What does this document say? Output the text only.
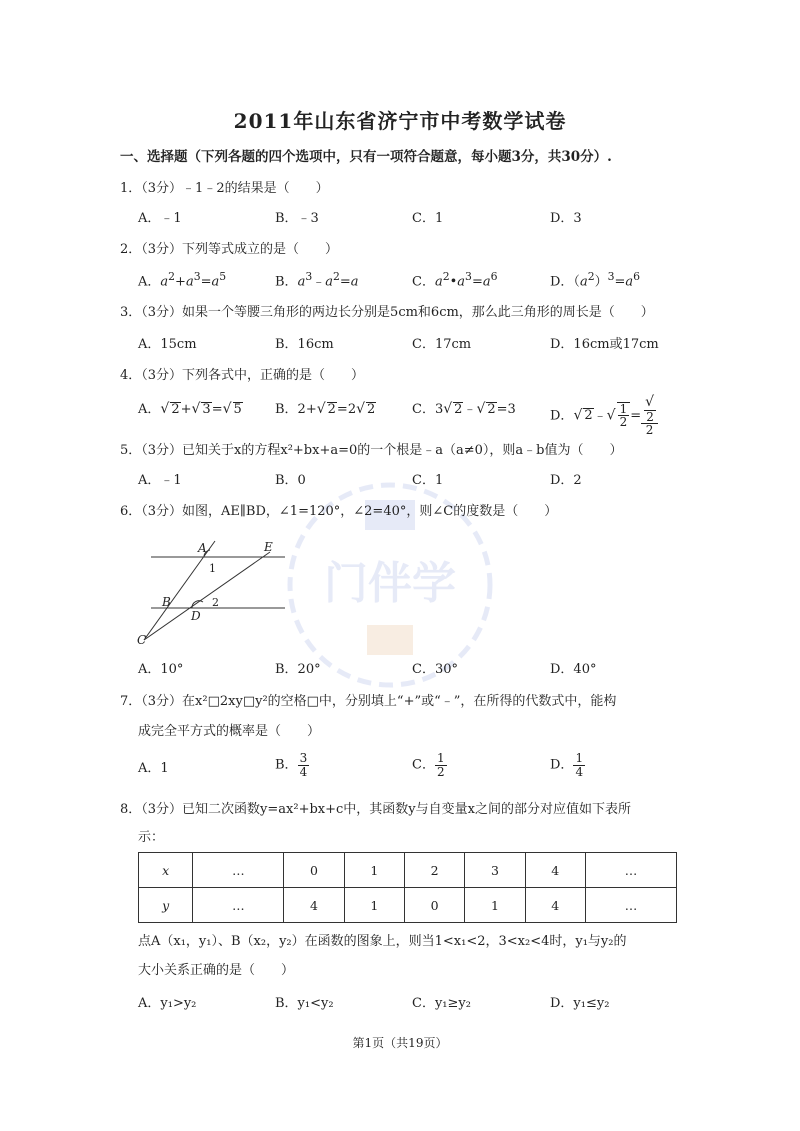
2011年山东省济宁市中考数学试卷
一、选择题（下列各题的四个选项中，只有一项符合题意，每小题3分，共30分）.
门伴学
1．（3分）﹣1﹣2的结果是（　　）
A．﹣1	B．﹣3	C．1	D．3
2．（3分）下列等式成立的是（　　）
A．$a^2+a^3=a^5$	B．$a^3﹣a^2=a$	C．$a^2•a^3=a^6$	D．$(a^2)^3=a^6$
3．（3分）如果一个等腰三角形的两边长分别是5cm和6cm，那么此三角形的周长是（　　）
A．15cm	B．16cm	C．17cm	D．16cm或17cm
4．（3分）下列各式中，正确的是（　　）
A．√ 2+√ 3=√ 5	B．2+√ 2=2√ 2	C．3√ 2﹣√ 2=3	D．√ 2﹣√ $\frac{1}{2}$ = √
2
2
5．（3分）已知关于x的方程x²+bx+a=0的一个根是﹣a（a≠0），则a﹣b值为（　　）
A．﹣1	B．0	C．1	D．2
6．（3分）如图，AE∥BD，∠1=120°，∠2=40°，则∠C的度数是（　　）
A	E
1
B	2
D
C
A．10°	B．20°	C．30°	D．40°
7．（3分）在x²□2xy□y²的空格□中，分别填上“+”或“﹣”，在所得的代数式中，能构
成完全平方式的概率是（　　）
A．1	B． $\frac{3}{4}$	C． $\frac{1}{2}$	D． $\frac{1}{4}$
8．（3分）已知二次函数y=ax²+bx+c中，其函数y与自变量x之间的部分对应值如下表所
示：
x	…	0	1	2	3	4	…
y	…	4	1	0	1	4	…
点A（x₁，y₁）、B（x₂，y₂）在函数的图象上，则当1<x₁<2，3<x₂<4时，y₁与y₂的
大小关系正确的是（　　）
A．y₁>y₂	B．y₁<y₂	C．y₁≥y₂	D．y₁≤y₂
第1页（共19页）
